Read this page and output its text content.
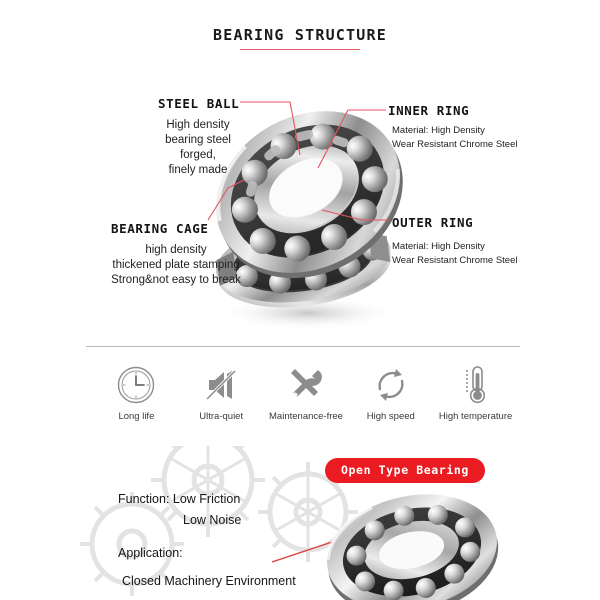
BEARING STRUCTURE
STEEL BALL
High density
bearing steel
forged,
finely made
BEARING CAGE
high density
thickened plate stamping
Strong&not easy to break
INNER RING
Material: High Density
Wear Resistant Chrome Steel
OUTER RING
Material: High Density
Wear Resistant Chrome Steel
Long life	Ultra-quiet	Maintenance-free	High speed	High temperature
Open Type Bearing
Function: Low Friction
Low Noise
Application:
Closed Machinery Environment
